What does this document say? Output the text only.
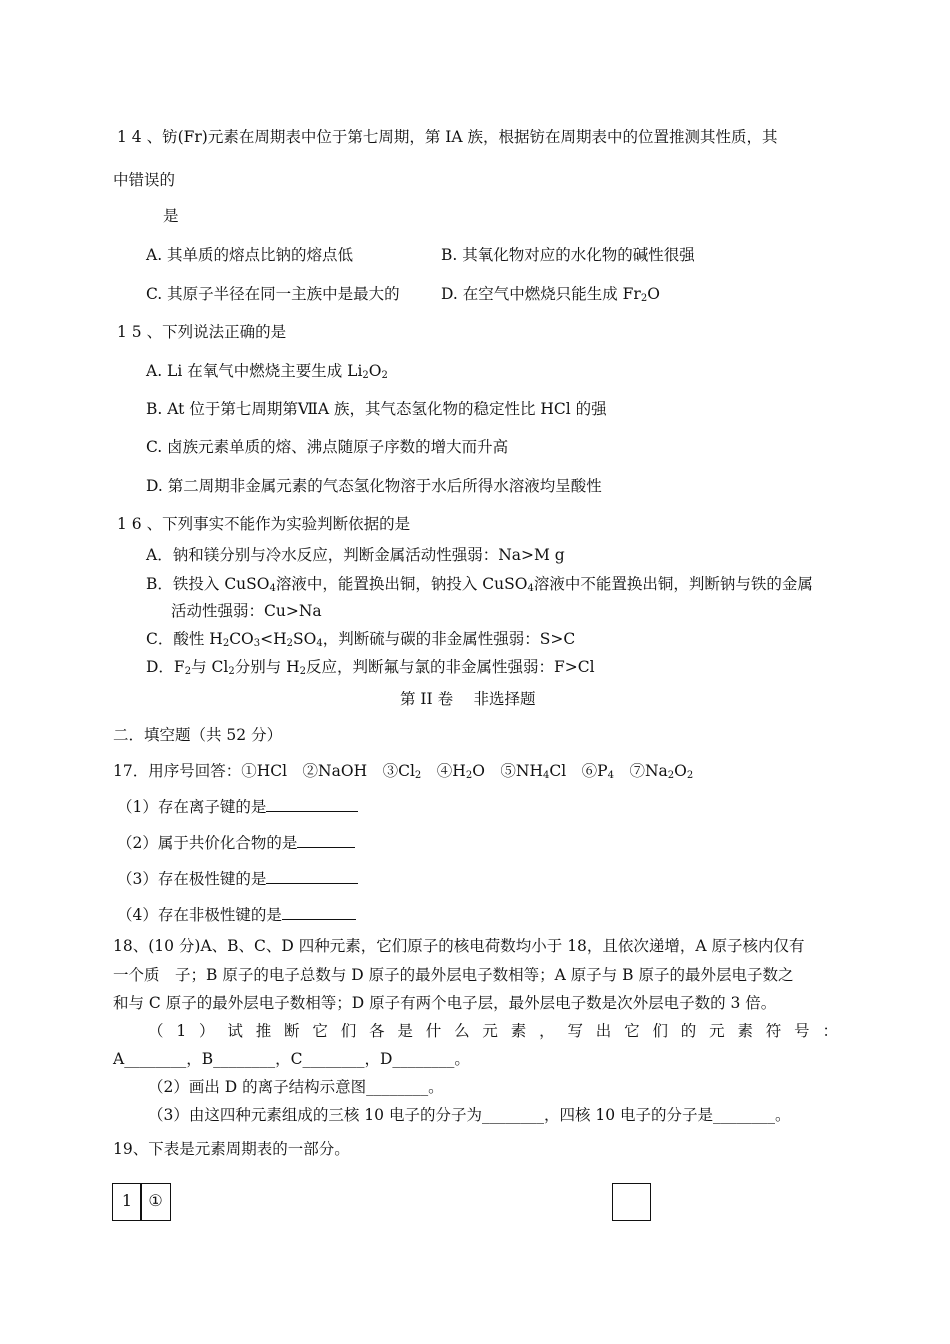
1 4 、钫(Fr)元素在周期表中位于第七周期，第 IA 族，根据钫在周期表中的位置推测其性质，其
中错误的
是
A. 其单质的熔点比钠的熔点低	B. 其氧化物对应的水化物的碱性很强
C. 其原子半径在同一主族中是最大的	D. 在空气中燃烧只能生成 $Fr_2O$
1 5 、下列说法正确的是
A. Li 在氧气中燃烧主要生成 $Li_2O_2$
B. At 位于第七周期第ⅦA 族，其气态氢化物的稳定性比 HCl 的强
C. 卤族元素单质的熔、沸点随原子序数的增大而升高
D. 第二周期非金属元素的气态氢化物溶于水后所得水溶液均呈酸性
1 6 、下列事实不能作为实验判断依据的是
A．钠和镁分别与冷水反应，判断金属活动性强弱：Na>M g
B．铁投入 CuSO$_4$溶液中，能置换出铜，钠投入 CuSO$_4$溶液中不能置换出铜，判断钠与铁的金属
活动性强弱：Cu>Na
C．酸性 $H_2CO_3<H_2SO_4$，判断硫与碳的非金属性强弱：S>C
D．$F_2$与 $Cl_2$分别与 $H_2$反应，判断氟与氯的非金属性强弱：F>Cl
第 II 卷　 非选择题
二．填空题（共 52 分）
17．用序号回答：①HCl　②NaOH　$③Cl_2$　$④H_2O$　$⑤NH_4Cl$　$⑥P_4$　$⑦Na_2O_2$
（1）存在离子键的是
（2）属于共价化合物的是
（3）存在极性键的是
（4）存在非极性键的是
18、(10 分)A、B、C、D 四种元素，它们原子的核电荷数均小于 18，且依次递增，A 原子核内仅有
一个质　子；B 原子的电子总数与 D 原子的最外层电子数相等；A 原子与 B 原子的最外层电子数之
和与 C 原子的最外层电子数相等；D 原子有两个电子层，最外层电子数是次外层电子数的 3 倍。
（1）试推断它们各是什么元素，写出它们的元素符号：
A________，B________，C________，D________。
（2）画出 D 的离子结构示意图________。
（3）由这四种元素组成的三核 10 电子的分子为________，四核 10 电子的分子是________。
19、下表是元素周期表的一部分。
1	①
